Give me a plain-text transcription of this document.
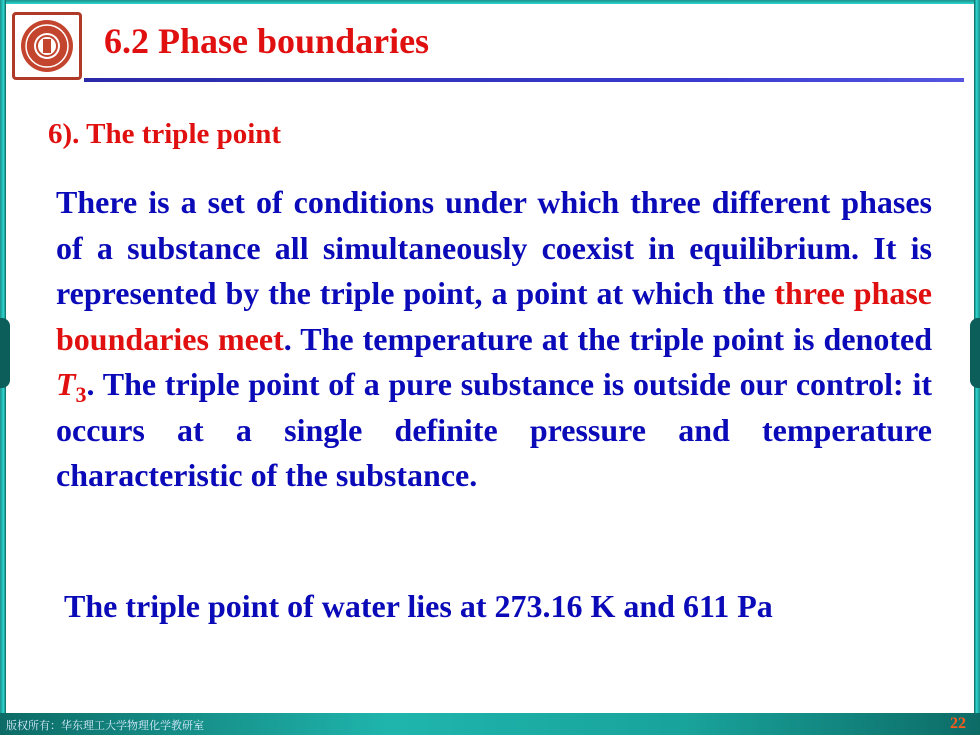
6.2 Phase boundaries
6). The triple point

There is a set of conditions under which three different phases of a substance all simultaneously coexist in equilibrium. It is represented by the triple point, a point at which the three phase boundaries meet. The temperature at the triple point is denoted $T_3$. The triple point of a pure substance is outside our control: it occurs at a single definite pressure and temperature characteristic of the substance.

The triple point of water lies at 273.16 K and 611 Pa

版权所有：华东理工大学物理化学教研室	22
